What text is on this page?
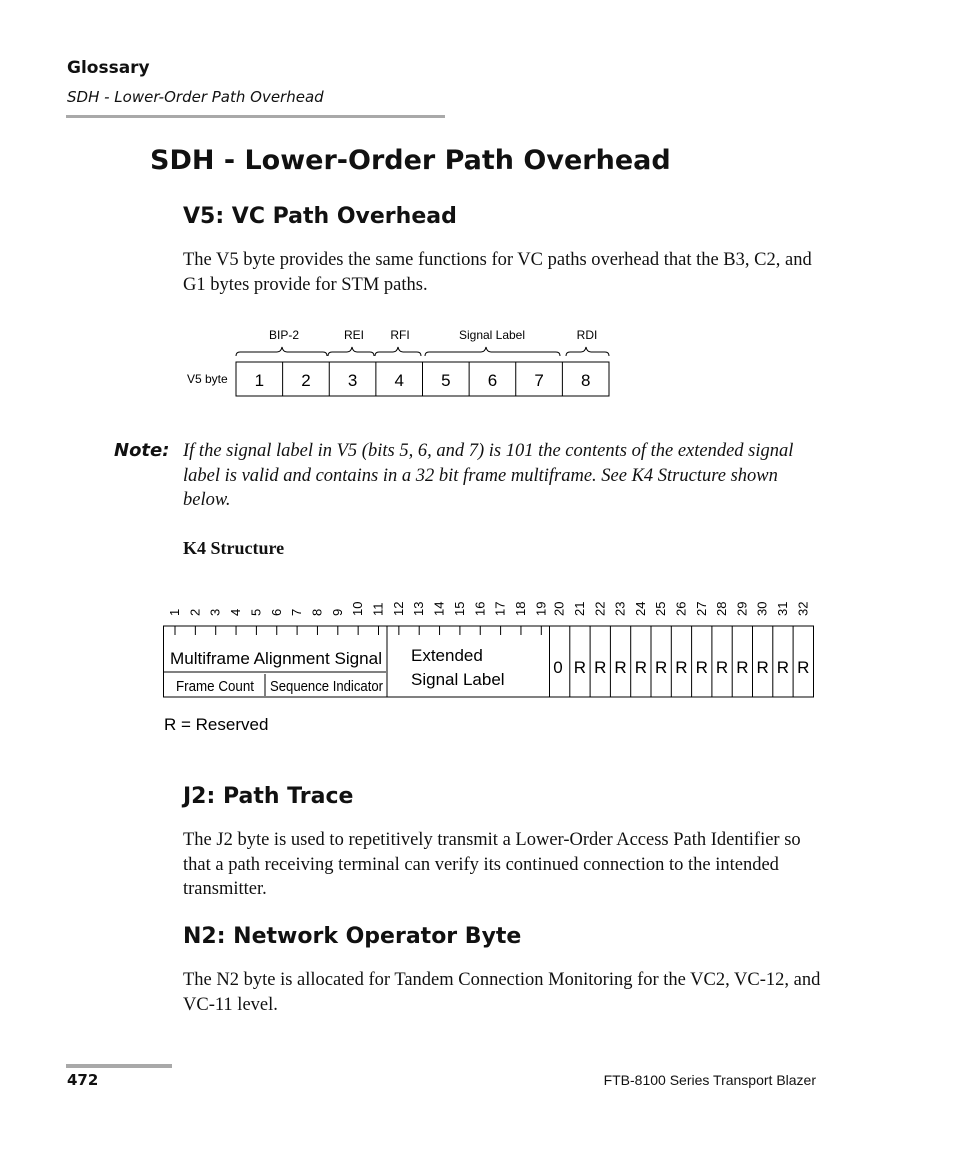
Glossary
SDH - Lower-Order Path Overhead
SDH - Lower-Order Path Overhead
V5: VC Path Overhead
The V5 byte provides the same functions for VC paths overhead that the B3, C2, and G1 bytes provide for STM paths.
BIP-2	REI RFI	Signal Label	RDI
V5 byte 1 2 3 4 5 6 7 8
Note: If the signal label in V5 (bits 5, 6, and 7) is 101 the contents of the extended signal label is valid and contains in a 32 bit frame multiframe. See K4 Structure shown below.
K4 Structure
1 2 3 4 5 6 7 8 9 10 11 12 13 14 15 16 17 18 19 20 21 22 23 24 25 26 27 28 29 30 31 32
Multiframe Alignment Signal
Frame Count Sequence Indicator
Extended
Signal Label
0 R R R R R R R R R R R R
R = Reserved
J2: Path Trace
The J2 byte is used to repetitively transmit a Lower-Order Access Path Identifier so that a path receiving terminal can verify its continued connection to the intended transmitter.
N2: Network Operator Byte
The N2 byte is allocated for Tandem Connection Monitoring for the VC2, VC-12, and VC-11 level.
472	FTB-8100 Series Transport Blazer
